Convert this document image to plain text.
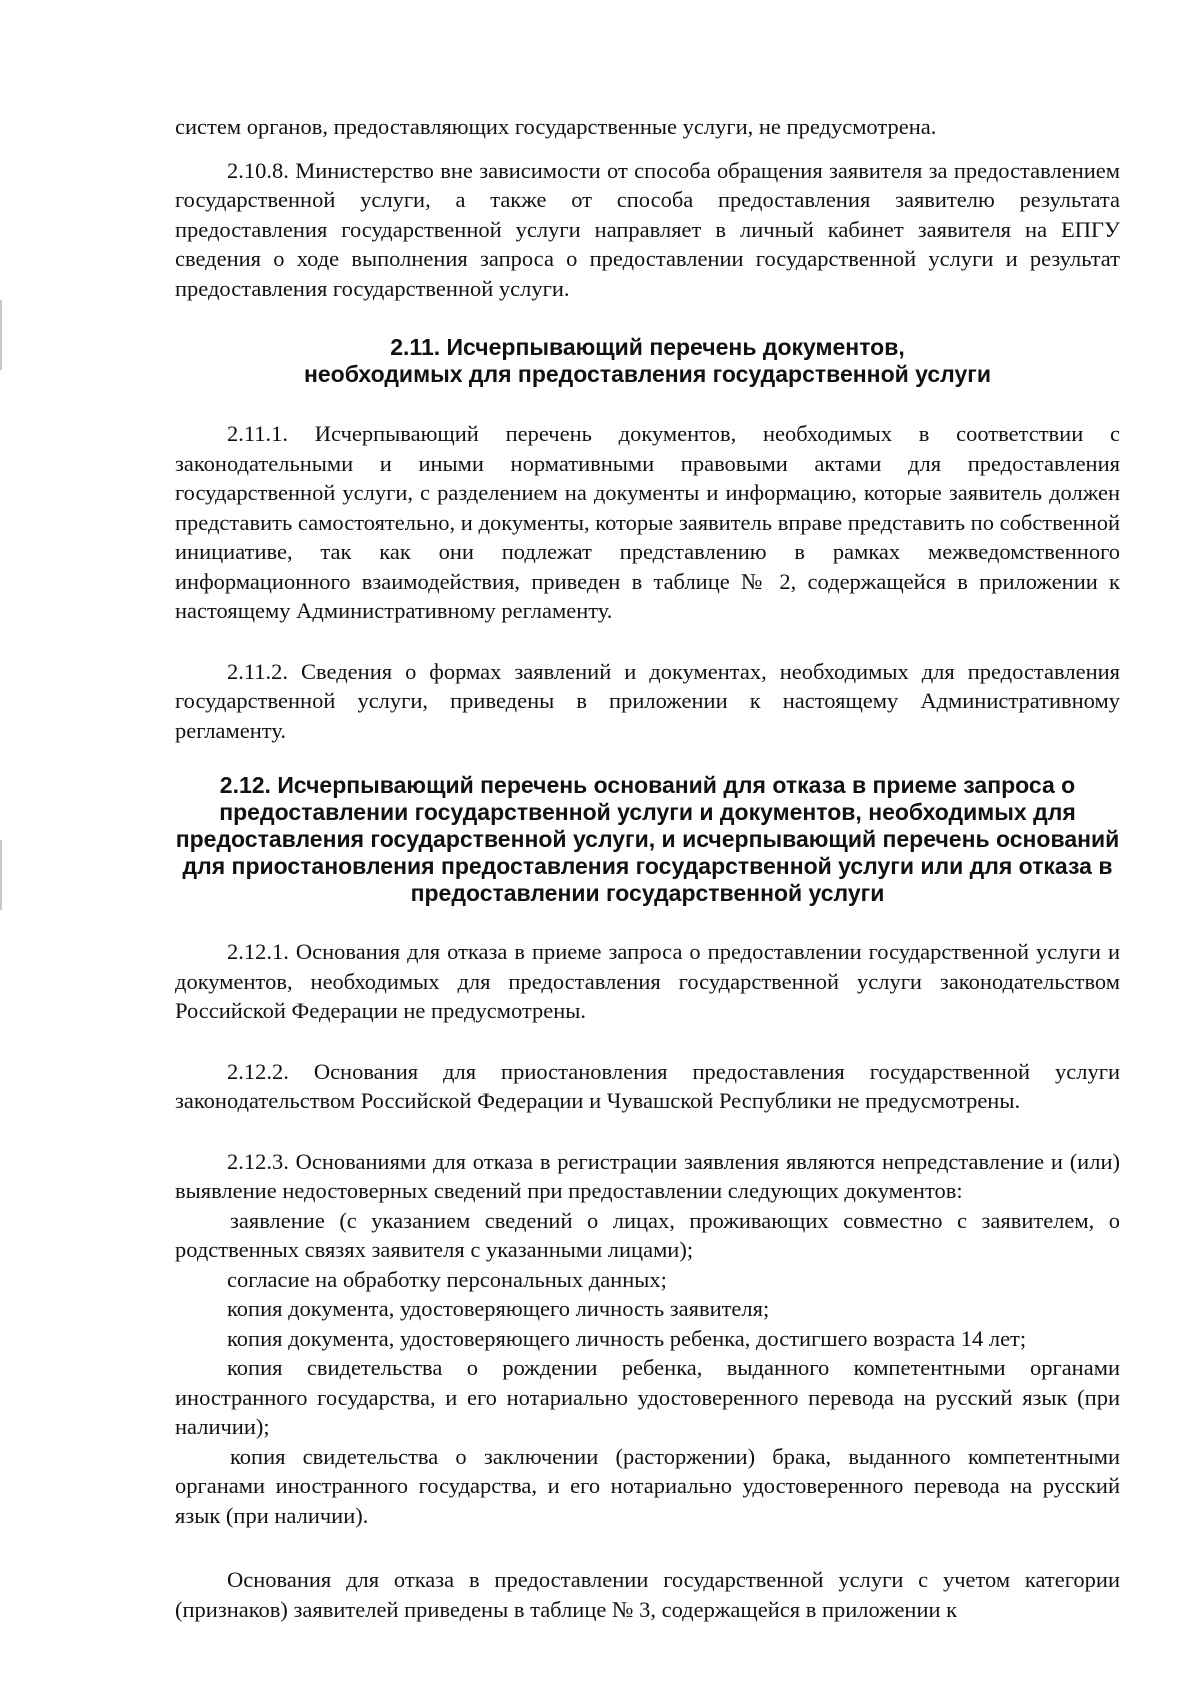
систем органов, предоставляющих государственные услуги, не предусмотрена.

2.10.8. Министерство вне зависимости от способа обращения заявителя за предоставлением государственной услуги, а также от способа предоставления заявителю результата предоставления государственной услуги направляет в личный кабинет заявителя на ЕПГУ сведения о ходе выполнения запроса о предоставлении государственной услуги и результат предоставления государственной услуги.

2.11. Исчерпывающий перечень документов,
необходимых для предоставления государственной услуги

2.11.1. Исчерпывающий перечень документов, необходимых в соответствии с законодательными и иными нормативными правовыми актами для предоставления государственной услуги, с разделением на документы и информацию, которые заявитель должен представить самостоятельно, и документы, которые заявитель вправе представить по собственной инициативе, так как они подлежат представлению в рамках межведомственного информационного взаимодействия, приведен в таблице № 2, содержащейся в приложении к настоящему Административному регламенту.

2.11.2. Сведения о формах заявлений и документах, необходимых для предоставления государственной услуги, приведены в приложении к настоящему Административному регламенту.

2.12. Исчерпывающий перечень оснований для отказа в приеме запроса о предоставлении государственной услуги и документов, необходимых для предоставления государственной услуги, и исчерпывающий перечень оснований для приостановления предоставления государственной услуги или для отказа в предоставлении государственной услуги

2.12.1. Основания для отказа в приеме запроса о предоставлении государственной услуги и документов, необходимых для предоставления государственной услуги законодательством Российской Федерации не предусмотрены.

2.12.2. Основания для приостановления предоставления государственной услуги законодательством Российской Федерации и Чувашской Республики не предусмотрены.

2.12.3. Основаниями для отказа в регистрации заявления являются непредставление и (или) выявление недостоверных сведений при предоставлении следующих документов:

заявление (с указанием сведений о лицах, проживающих совместно с заявителем, о родственных связях заявителя с указанными лицами);

согласие на обработку персональных данных;

копия документа, удостоверяющего личность заявителя;

копия документа, удостоверяющего личность ребенка, достигшего возраста 14 лет;

копия свидетельства о рождении ребенка, выданного компетентными органами иностранного государства, и его нотариально удостоверенного перевода на русский язык (при наличии);

копия свидетельства о заключении (расторжении) брака, выданного компетентными органами иностранного государства, и его нотариально удостоверенного перевода на русский язык (при наличии).

Основания для отказа в предоставлении государственной услуги с учетом категории (признаков) заявителей приведены в таблице № 3, содержащейся в приложении к
